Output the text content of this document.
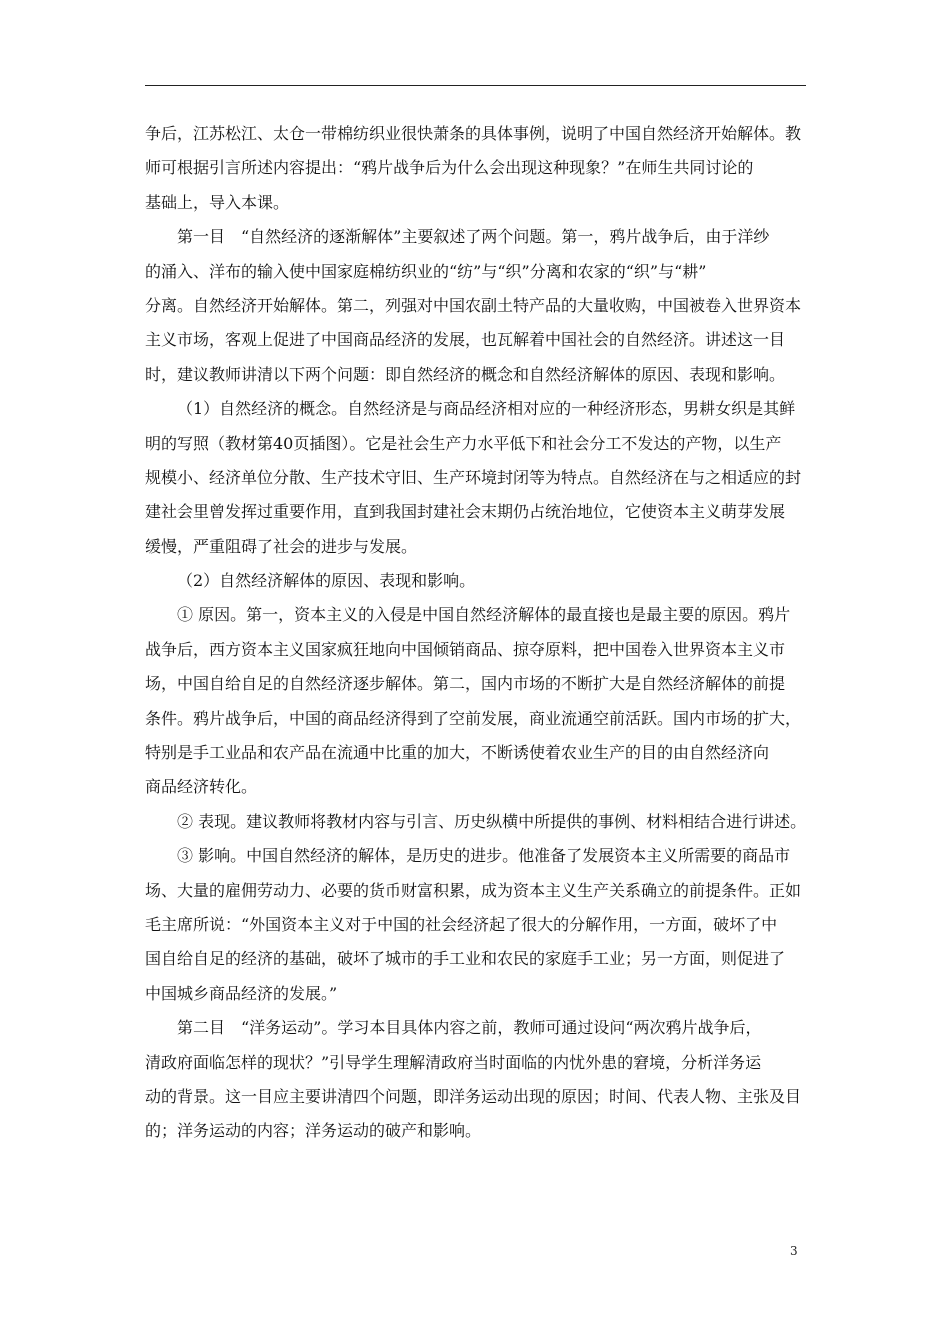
争后，江苏松江、太仓一带棉纺织业很快萧条的具体事例，说明了中国自然经济开始解体。教
师可根据引言所述内容提出：“鸦片战争后为什么会出现这种现象？”在师生共同讨论的
基础上，导入本课。
第一目　“自然经济的逐渐解体”主要叙述了两个问题。第一，鸦片战争后，由于洋纱
的涌入、洋布的输入使中国家庭棉纺织业的“纺”与“织”分离和农家的“织”与“耕”
分离。自然经济开始解体。第二，列强对中国农副土特产品的大量收购，中国被卷入世界资本
主义市场，客观上促进了中国商品经济的发展，也瓦解着中国社会的自然经济。讲述这一目
时，建议教师讲清以下两个问题：即自然经济的概念和自然经济解体的原因、表现和影响。
（1）自然经济的概念。自然经济是与商品经济相对应的一种经济形态，男耕女织是其鲜
明的写照（教材第40页插图）。它是社会生产力水平低下和社会分工不发达的产物，以生产
规模小、经济单位分散、生产技术守旧、生产环境封闭等为特点。自然经济在与之相适应的封
建社会里曾发挥过重要作用，直到我国封建社会末期仍占统治地位，它使资本主义萌芽发展
缓慢，严重阻碍了社会的进步与发展。
（2）自然经济解体的原因、表现和影响。
① 原因。第一，资本主义的入侵是中国自然经济解体的最直接也是最主要的原因。鸦片
战争后，西方资本主义国家疯狂地向中国倾销商品、掠夺原料，把中国卷入世界资本主义市
场，中国自给自足的自然经济逐步解体。第二，国内市场的不断扩大是自然经济解体的前提
条件。鸦片战争后，中国的商品经济得到了空前发展，商业流通空前活跃。国内市场的扩大，
特别是手工业品和农产品在流通中比重的加大，不断诱使着农业生产的目的由自然经济向
商品经济转化。
② 表现。建议教师将教材内容与引言、历史纵横中所提供的事例、材料相结合进行讲述。
③ 影响。中国自然经济的解体，是历史的进步。他准备了发展资本主义所需要的商品市
场、大量的雇佣劳动力、必要的货币财富积累，成为资本主义生产关系确立的前提条件。正如
毛主席所说：“外国资本主义对于中国的社会经济起了很大的分解作用，一方面，破坏了中
国自给自足的经济的基础，破坏了城市的手工业和农民的家庭手工业；另一方面，则促进了
中国城乡商品经济的发展。”
第二目　“洋务运动”。学习本目具体内容之前，教师可通过设问“两次鸦片战争后，
清政府面临怎样的现状？”引导学生理解清政府当时面临的内忧外患的窘境，分析洋务运
动的背景。这一目应主要讲清四个问题，即洋务运动出现的原因；时间、代表人物、主张及目
的；洋务运动的内容；洋务运动的破产和影响。
3
